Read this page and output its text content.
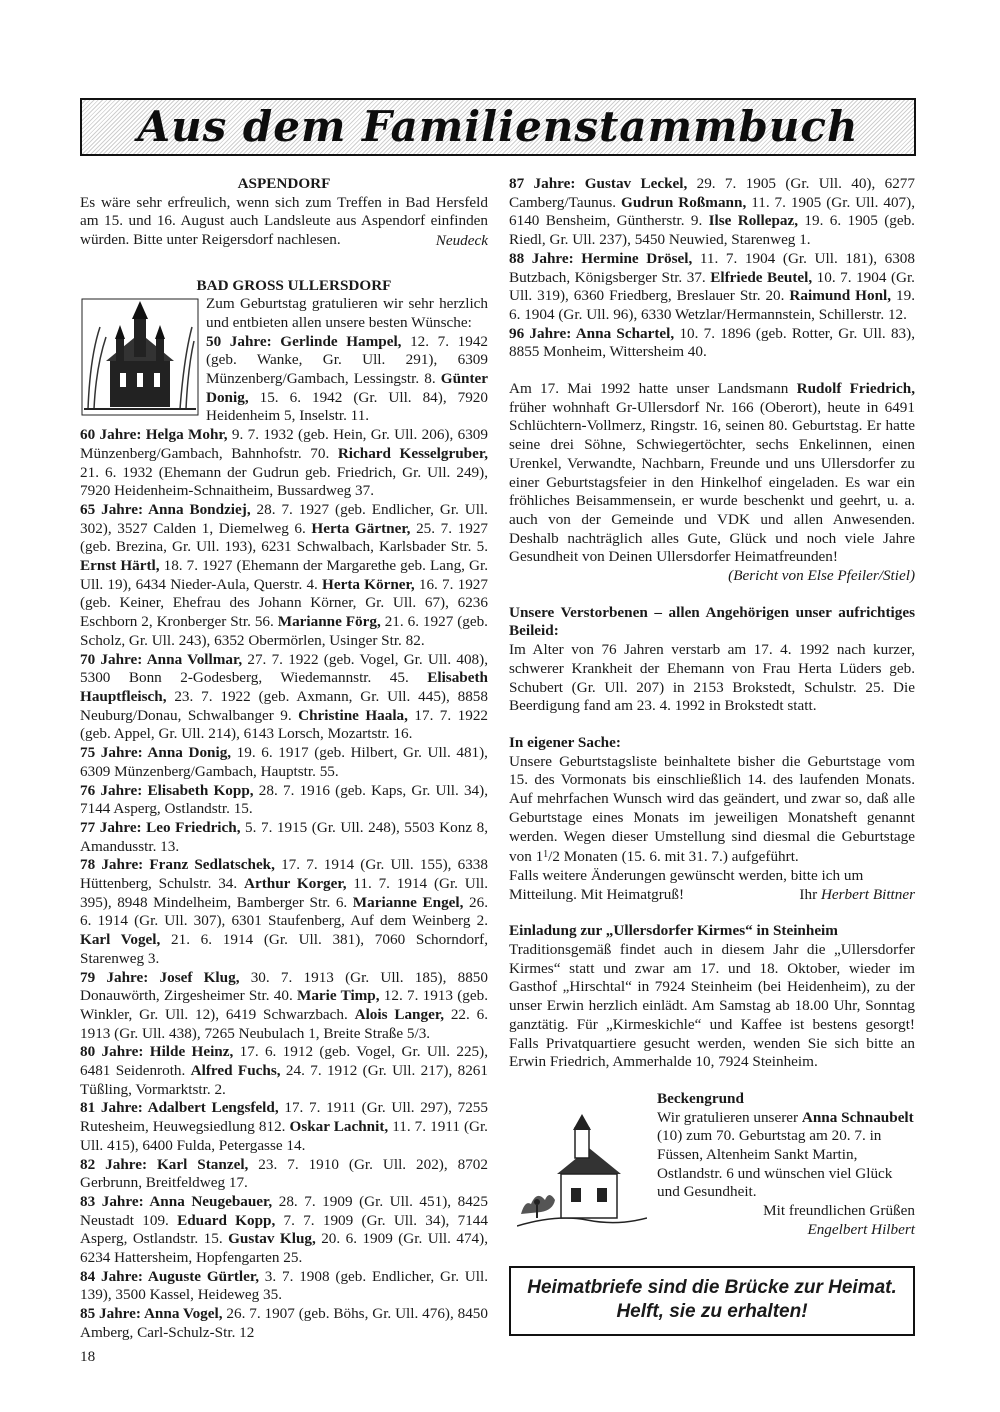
Aus dem Familienstammbuch

ASPENDORF

Es wäre sehr erfreulich, wenn sich zum Treffen in Bad Hersfeld am 15. und 16. August auch Landsleute aus Aspendorf einfinden würden. Bitte unter Reigersdorf nachlesen.	Neudeck

BAD GROSS ULLERSDORF

Zum Geburtstag gratulieren wir sehr herzlich und entbieten allen unsere besten Wünsche:

50 Jahre: Gerlinde Hampel, 12. 7. 1942 (geb. Wanke, Gr. Ull. 291), 6309 Münzenberg/Gambach, Lessingstr. 8. Günter Donig, 15. 6. 1942 (Gr. Ull. 84), 7920 Heidenheim 5, Inselstr. 11.

60 Jahre: Helga Mohr, 9. 7. 1932 (geb. Hein, Gr. Ull. 206), 6309 Münzenberg/Gambach, Bahnhofstr. 70. Richard Kesselgruber, 21. 6. 1932 (Ehemann der Gudrun geb. Friedrich, Gr. Ull. 249), 7920 Heidenheim-Schnaitheim, Bussardweg 37.

65 Jahre: Anna Bondziej, 28. 7. 1927 (geb. Endlicher, Gr. Ull. 302), 3527 Calden 1, Diemelweg 6. Herta Gärtner, 25. 7. 1927 (geb. Brezina, Gr. Ull. 193), 6231 Schwalbach, Karlsbader Str. 5. Ernst Härtl, 18. 7. 1927 (Ehemann der Margarethe geb. Lang, Gr. Ull. 19), 6434 Nieder-Aula, Querstr. 4. Herta Körner, 16. 7. 1927 (geb. Keiner, Ehefrau des Johann Körner, Gr. Ull. 67), 6236 Eschborn 2, Kronberger Str. 56. Marianne Förg, 21. 6. 1927 (geb. Scholz, Gr. Ull. 243), 6352 Obermörlen, Usinger Str. 82.

70 Jahre: Anna Vollmar, 27. 7. 1922 (geb. Vogel, Gr. Ull. 408), 5300 Bonn 2-Godesberg, Wiedemannstr. 45. Elisabeth Hauptfleisch, 23. 7. 1922 (geb. Axmann, Gr. Ull. 445), 8858 Neuburg/Donau, Schwalbanger 9. Christine Haala, 17. 7. 1922 (geb. Appel, Gr. Ull. 214), 6143 Lorsch, Mozartstr. 16.

75 Jahre: Anna Donig, 19. 6. 1917 (geb. Hilbert, Gr. Ull. 481), 6309 Münzenberg/Gambach, Hauptstr. 55.

76 Jahre: Elisabeth Kopp, 28. 7. 1916 (geb. Kaps, Gr. Ull. 34), 7144 Asperg, Ostlandstr. 15.

77 Jahre: Leo Friedrich, 5. 7. 1915 (Gr. Ull. 248), 5503 Konz 8, Amandusstr. 13.

78 Jahre: Franz Sedlatschek, 17. 7. 1914 (Gr. Ull. 155), 6338 Hüttenberg, Schulstr. 34. Arthur Korger, 11. 7. 1914 (Gr. Ull. 395), 8948 Mindelheim, Bamberger Str. 6. Marianne Engel, 26. 6. 1914 (Gr. Ull. 307), 6301 Staufenberg, Auf dem Weinberg 2. Karl Vogel, 21. 6. 1914 (Gr. Ull. 381), 7060 Schorndorf, Starenweg 3.

79 Jahre: Josef Klug, 30. 7. 1913 (Gr. Ull. 185), 8850 Donauwörth, Zirgesheimer Str. 40. Marie Timp, 12. 7. 1913 (geb. Winkler, Gr. Ull. 12), 6419 Schwarzbach. Alois Langer, 22. 6. 1913 (Gr. Ull. 438), 7265 Neubulach 1, Breite Straße 5/3.

80 Jahre: Hilde Heinz, 17. 6. 1912 (geb. Vogel, Gr. Ull. 225), 6481 Seidenroth. Alfred Fuchs, 24. 7. 1912 (Gr. Ull. 217), 8261 Tüßling, Vormarktstr. 2.

81 Jahre: Adalbert Lengsfeld, 17. 7. 1911 (Gr. Ull. 297), 7255 Rutesheim, Heuwegsiedlung 812. Oskar Lachnit, 11. 7. 1911 (Gr. Ull. 415), 6400 Fulda, Petergasse 14.

82 Jahre: Karl Stanzel, 23. 7. 1910 (Gr. Ull. 202), 8702 Gerbrunn, Breitfeldweg 17.

83 Jahre: Anna Neugebauer, 28. 7. 1909 (Gr. Ull. 451), 8425 Neustadt 109. Eduard Kopp, 7. 7. 1909 (Gr. Ull. 34), 7144 Asperg, Ostlandstr. 15. Gustav Klug, 20. 6. 1909 (Gr. Ull. 474), 6234 Hattersheim, Hopfengarten 25.

84 Jahre: Auguste Gürtler, 3. 7. 1908 (geb. Endlicher, Gr. Ull. 139), 3500 Kassel, Heideweg 35.

85 Jahre: Anna Vogel, 26. 7. 1907 (geb. Böhs, Gr. Ull. 476), 8450 Amberg, Carl-Schulz-Str. 12

87 Jahre: Gustav Leckel, 29. 7. 1905 (Gr. Ull. 40), 6277 Camberg/Taunus. Gudrun Roßmann, 11. 7. 1905 (Gr. Ull. 407), 6140 Bensheim, Güntherstr. 9. Ilse Rollepaz, 19. 6. 1905 (geb. Riedl, Gr. Ull. 237), 5450 Neuwied, Starenweg 1.

88 Jahre: Hermine Drösel, 11. 7. 1904 (Gr. Ull. 181), 6308 Butzbach, Königsberger Str. 37. Elfriede Beutel, 10. 7. 1904 (Gr. Ull. 319), 6360 Friedberg, Breslauer Str. 20. Raimund Honl, 19. 6. 1904 (Gr. Ull. 96), 6330 Wetzlar/Hermannstein, Schillerstr. 12.

96 Jahre: Anna Schartel, 10. 7. 1896 (geb. Rotter, Gr. Ull. 83), 8855 Monheim, Wittersheim 40.

Am 17. Mai 1992 hatte unser Landsmann Rudolf Friedrich, früher wohnhaft Gr-Ullersdorf Nr. 166 (Oberort), heute in 6491 Schlüchtern-Vollmerz, Ringstr. 16, seinen 80. Geburtstag. Er hatte seine drei Söhne, Schwiegertöchter, sechs Enkelinnen, einen Urenkel, Verwandte, Nachbarn, Freunde und uns Ullersdorfer zu einer Geburtstagsfeier in den Hinkelhof eingeladen. Es war ein fröhliches Beisammensein, er wurde beschenkt und geehrt, u. a. auch von der Gemeinde und VDK und allen Anwesenden. Deshalb nachträglich alles Gute, Glück und noch viele Jahre Gesundheit von Deinen Ullersdorfer Heimatfreunden!

(Bericht von Else Pfeiler/Stiel)

Unsere Verstorbenen – allen Angehörigen unser aufrichtiges Beileid:

Im Alter von 76 Jahren verstarb am 17. 4. 1992 nach kurzer, schwerer Krankheit der Ehemann von Frau Herta Lüders geb. Schubert (Gr. Ull. 207) in 2153 Brokstedt, Schulstr. 25. Die Beerdigung fand am 23. 4. 1992 in Brokstedt statt.

In eigener Sache:

Unsere Geburtstagsliste beinhaltete bisher die Geburtstage vom 15. des Vormonats bis einschließlich 14. des laufenden Monats. Auf mehrfachen Wunsch wird das geändert, und zwar so, daß alle Geburtstage eines Monats im jeweiligen Monatsheft genannt werden. Wegen dieser Umstellung sind diesmal die Geburtstage von $1^1/2$ Monaten (15. 6. mit 31. 7.) aufgeführt.

Falls weitere Änderungen gewünscht werden, bitte ich um Mitteilung. Mit Heimatgruß!	Ihr Herbert Bittner

Einladung zur „Ullersdorfer Kirmes“ in Steinheim

Traditionsgemäß findet auch in diesem Jahr die „Ullersdorfer Kirmes“ statt und zwar am 17. und 18. Oktober, wieder im Gasthof „Hirschtal“ in 7924 Steinheim (bei Heidenheim), zu der unser Erwin herzlich einlädt. Am Samstag ab 18.00 Uhr, Sonntag ganztätig. Für „Kirmeskichle“ und Kaffee ist bestens gesorgt! Falls Privatquartiere gesucht werden, wenden Sie sich bitte an Erwin Friedrich, Ammerhalde 10, 7924 Steinheim.

Beckengrund

Wir gratulieren unserer Anna Schnaubelt (10) zum 70. Geburtstag am 20. 7. in Füssen, Altenheim Sankt Martin, Ostlandstr. 6 und wünschen viel Glück und Gesundheit.

Mit freundlichen Grüßen

Engelbert Hilbert

Heimatbriefe sind die Brücke zur Heimat.
Helft, sie zu erhalten!
18
